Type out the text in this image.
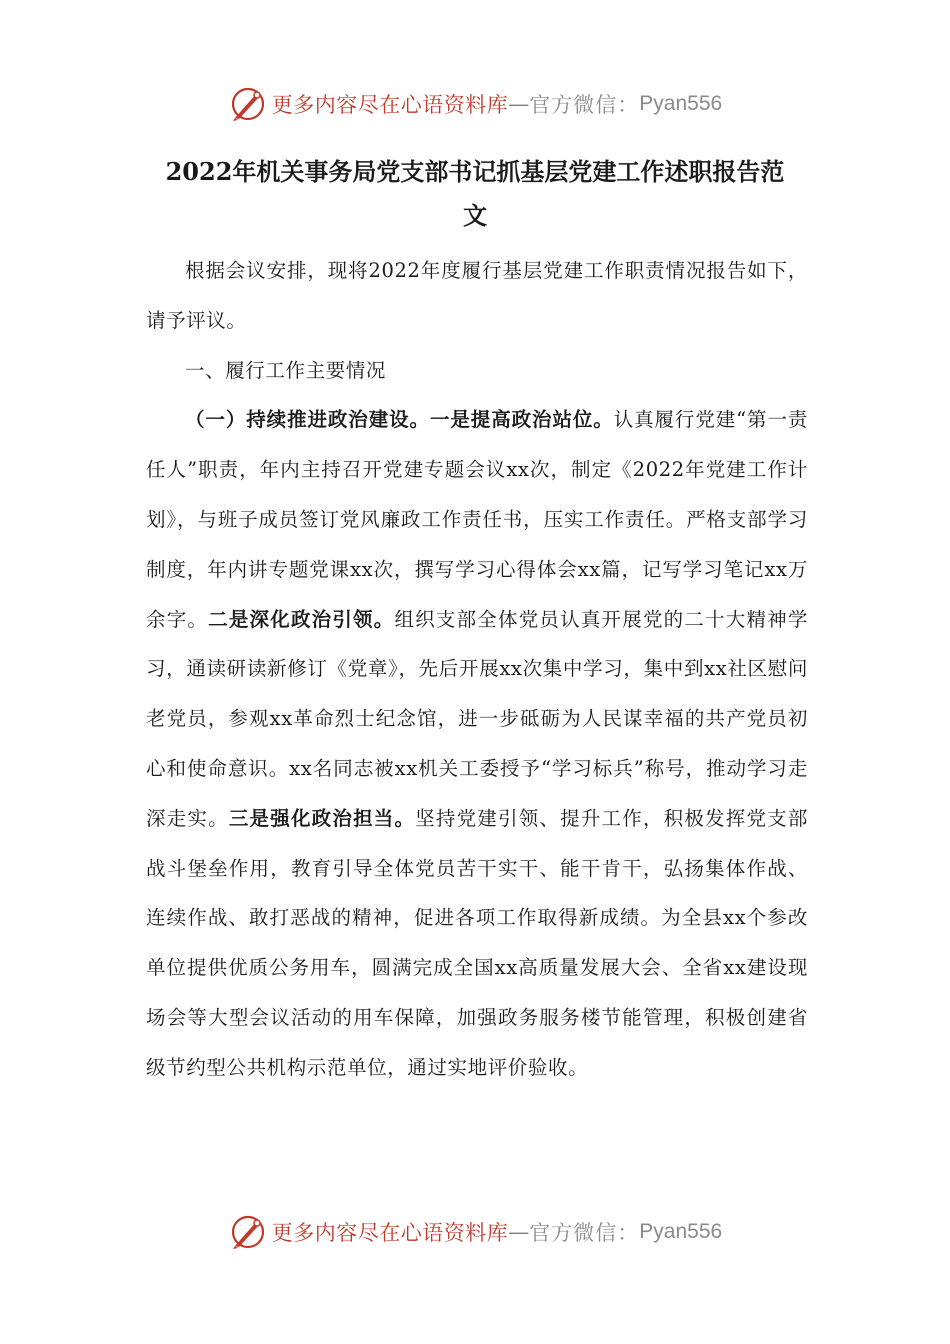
更多内容尽在心语资料库 — 官方微信： Pyan556
2022年机关事务局党支部书记抓基层党建工作述职报告范
文

根据会议安排，现将2022年度履行基层党建工作职责情况报告如下，请予评议。

一、履行工作主要情况

（一）持续推进政治建设。一是提高政治站位。认真履行党建“第一责任人”职责，年内主持召开党建专题会议xx次，制定《2022年党建工作计划》，与班子成员签订党风廉政工作责任书，压实工作责任。严格支部学习制度，年内讲专题党课xx次，撰写学习心得体会xx篇，记写学习笔记xx万余字。二是深化政治引领。组织支部全体党员认真开展党的二十大精神学习，通读研读新修订《党章》，先后开展xx次集中学习，集中到xx社区慰问老党员，参观xx革命烈士纪念馆，进一步砥砺为人民谋幸福的共产党员初心和使命意识。xx名同志被xx机关工委授予“学习标兵”称号，推动学习走深走实。三是强化政治担当。坚持党建引领、提升工作，积极发挥党支部战斗堡垒作用，教育引导全体党员苦干实干、能干肯干，弘扬集体作战、连续作战、敢打恶战的精神，促进各项工作取得新成绩。为全县xx个参改单位提供优质公务用车，圆满完成全国xx高质量发展大会、全省xx建设现场会等大型会议活动的用车保障，加强政务服务楼节能管理，积极创建省级节约型公共机构示范单位，通过实地评价验收。

更多内容尽在心语资料库 — 官方微信： Pyan556
